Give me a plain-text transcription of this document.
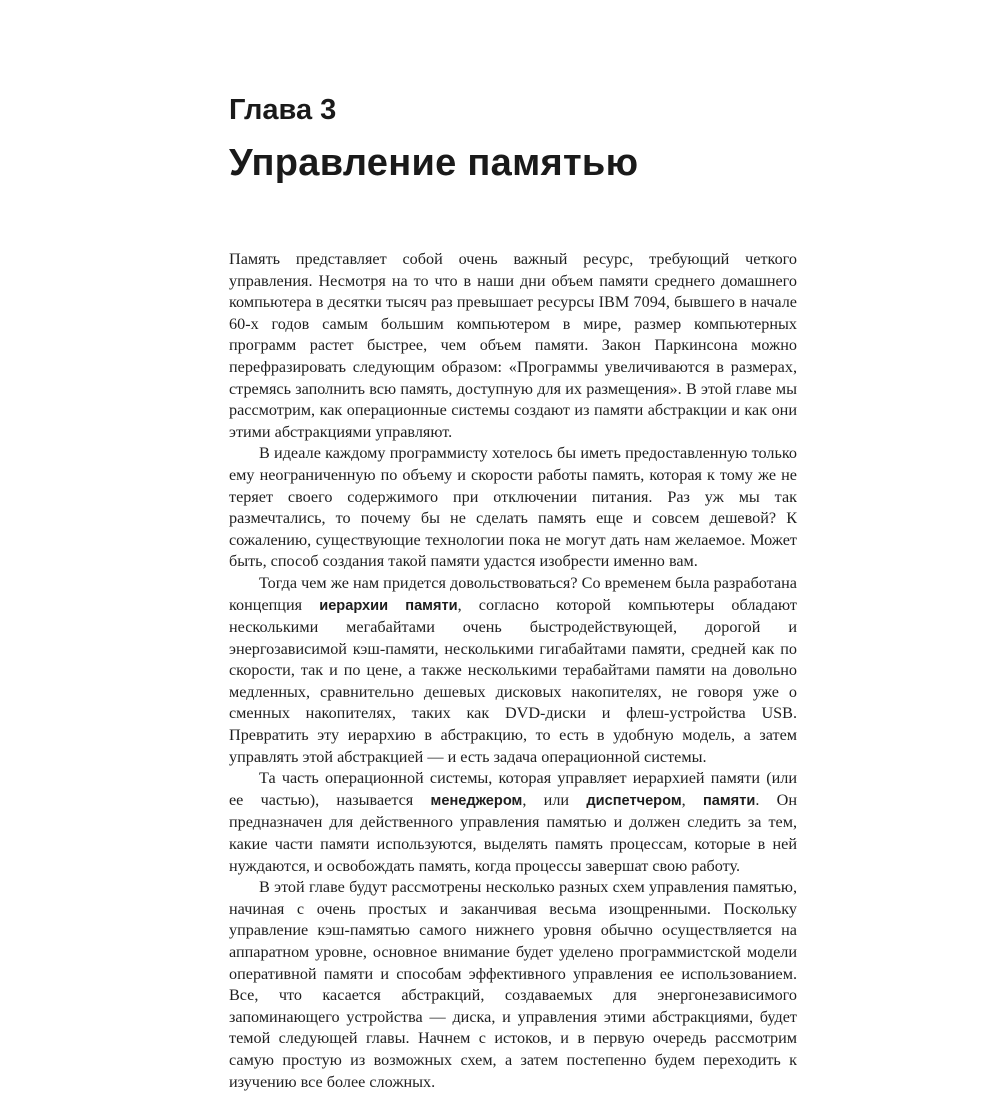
Глава 3
Управление памятью

Память представляет собой очень важный ресурс, требующий четкого управления. Несмотря на то что в наши дни объем памяти среднего домашнего компьютера в десятки тысяч раз превышает ресурсы IBM 7094, бывшего в начале 60-х годов самым большим компьютером в мире, размер компьютерных программ растет быстрее, чем объем памяти. Закон Паркинсона можно перефразировать следующим образом: «Программы увеличиваются в размерах, стремясь заполнить всю память, доступную для их размещения». В этой главе мы рассмотрим, как операционные системы создают из памяти абстракции и как они этими абстракциями управляют.

В идеале каждому программисту хотелось бы иметь предоставленную только ему неограниченную по объему и скорости работы память, которая к тому же не теряет своего содержимого при отключении питания. Раз уж мы так размечтались, то почему бы не сделать память еще и совсем дешевой? К сожалению, существующие технологии пока не могут дать нам желаемое. Может быть, способ создания такой памяти удастся изобрести именно вам.

Тогда чем же нам придется довольствоваться? Со временем была разработана концепция иерархии памяти, согласно которой компьютеры обладают несколькими мегабайтами очень быстродействующей, дорогой и энергозависимой кэш-памяти, несколькими гигабайтами памяти, средней как по скорости, так и по цене, а также несколькими терабайтами памяти на довольно медленных, сравнительно дешевых дисковых накопителях, не говоря уже о сменных накопителях, таких как DVD-диски и флеш-устройства USB. Превратить эту иерархию в абстракцию, то есть в удобную модель, а затем управлять этой абстракцией — и есть задача операционной системы.

Та часть операционной системы, которая управляет иерархией памяти (или ее частью), называется менеджером, или диспетчером, памяти. Он предназначен для действенного управления памятью и должен следить за тем, какие части памяти используются, выделять память процессам, которые в ней нуждаются, и освобождать память, когда процессы завершат свою работу.

В этой главе будут рассмотрены несколько разных схем управления памятью, начиная с очень простых и заканчивая весьма изощренными. Поскольку управление кэш-памятью самого нижнего уровня обычно осуществляется на аппаратном уровне, основное внимание будет уделено программистской модели оперативной памяти и способам эффективного управления ее использованием. Все, что касается абстракций, создаваемых для энергонезависимого запоминающего устройства — диска, и управления этими абстракциями, будет темой следующей главы. Начнем с истоков, и в первую очередь рассмотрим самую простую из возможных схем, а затем постепенно будем переходить к изучению все более сложных.
